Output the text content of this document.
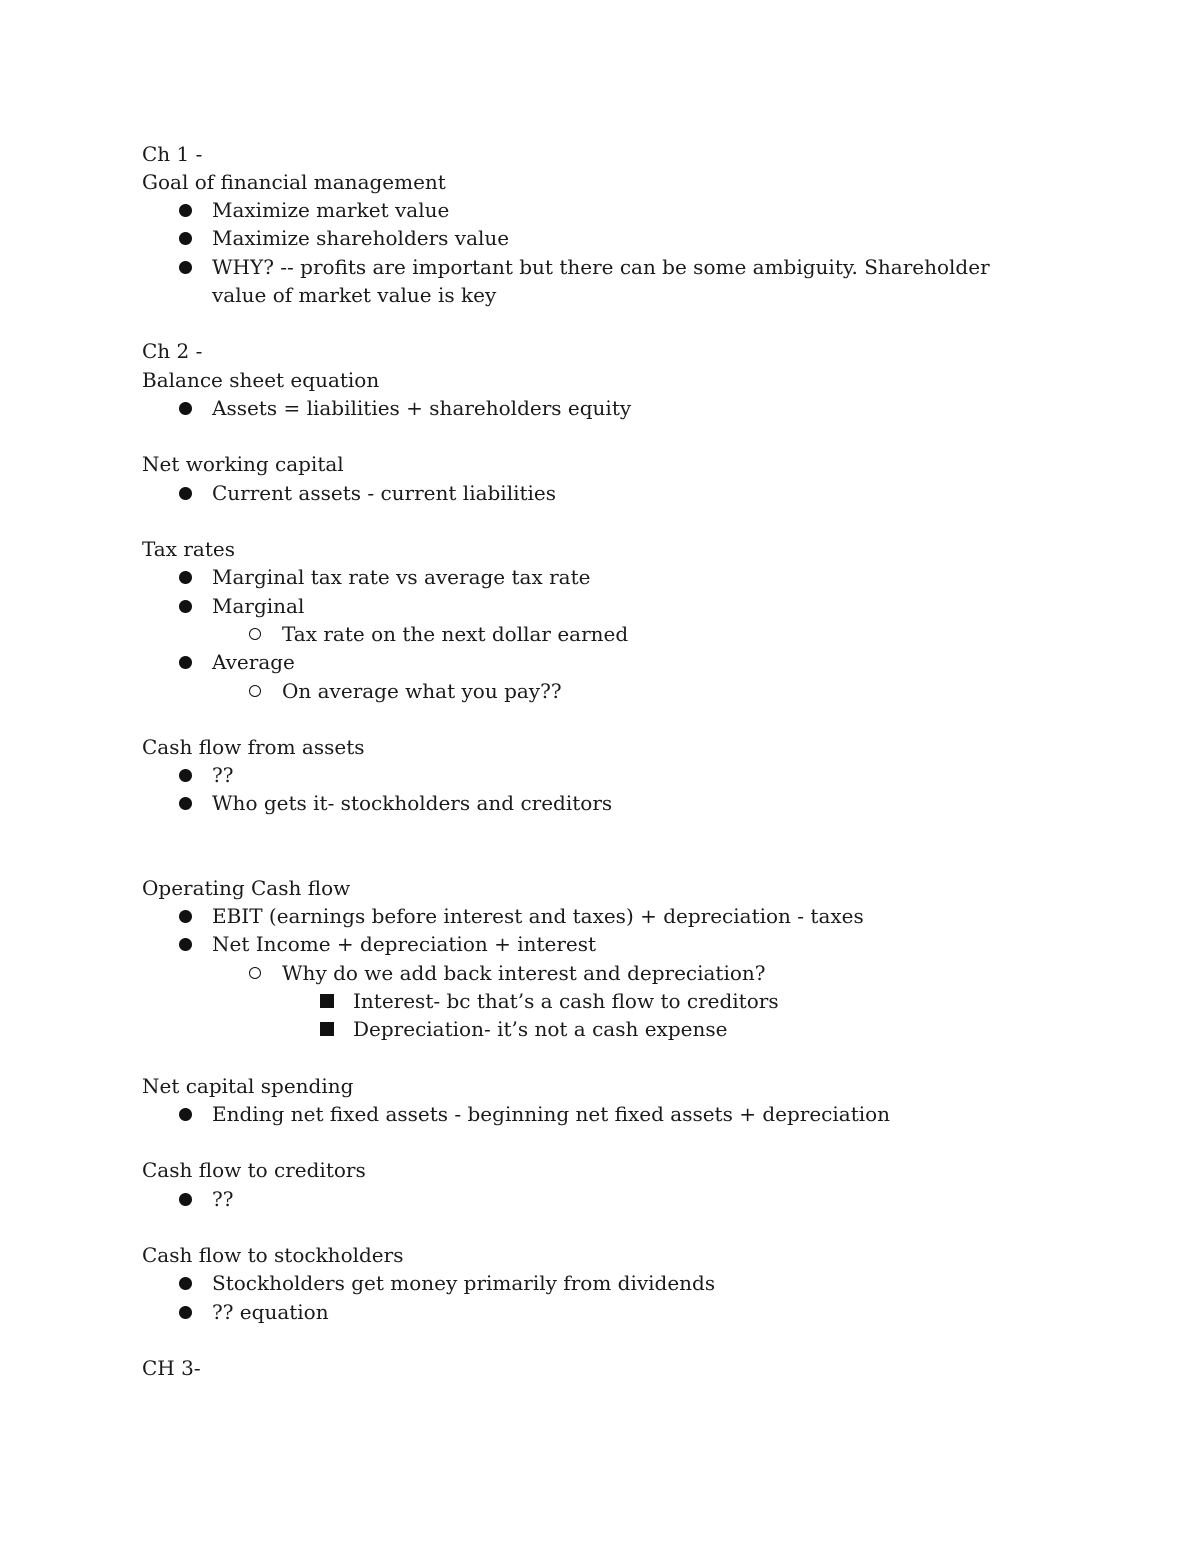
Ch 1 -
Goal of financial management
Maximize market value
Maximize shareholders value
WHY? -- profits are important but there can be some ambiguity. Shareholder
value of market value is key
Ch 2 -
Balance sheet equation
Assets = liabilities + shareholders equity
Net working capital
Current assets - current liabilities
Tax rates
Marginal tax rate vs average tax rate
Marginal
Tax rate on the next dollar earned
Average
On average what you pay??
Cash flow from assets
??
Who gets it- stockholders and creditors
Operating Cash flow
EBIT (earnings before interest and taxes) + depreciation - taxes
Net Income + depreciation + interest
Why do we add back interest and depreciation?
Interest- bc that’s a cash flow to creditors
Depreciation- it’s not a cash expense
Net capital spending
Ending net fixed assets - beginning net fixed assets + depreciation
Cash flow to creditors
??
Cash flow to stockholders
Stockholders get money primarily from dividends
?? equation
CH 3-
